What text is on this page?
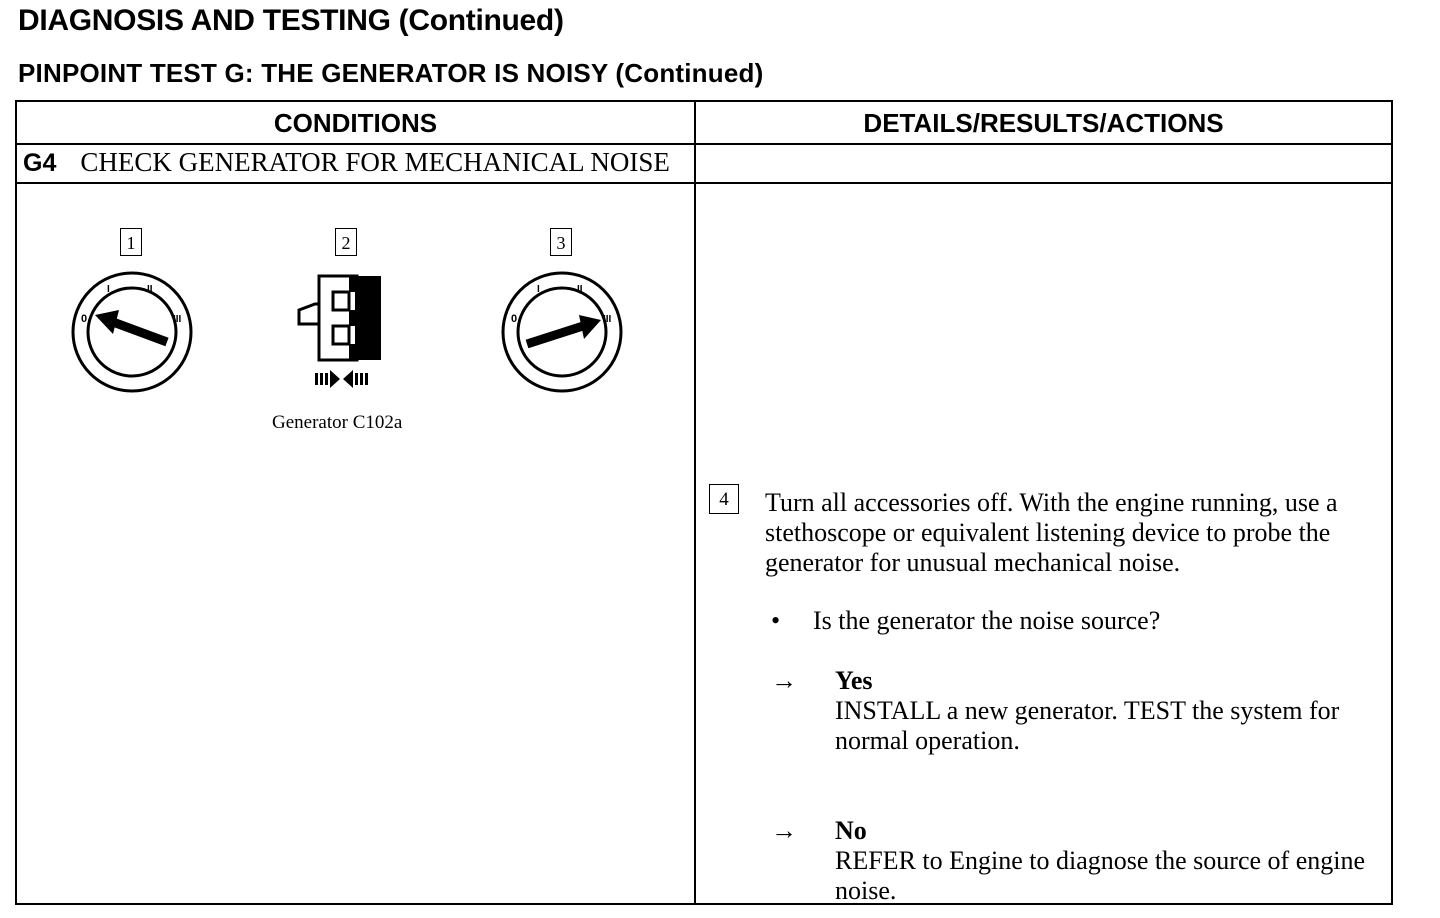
DIAGNOSIS AND TESTING (Continued)
PINPOINT TEST G: THE GENERATOR IS NOISY (Continued)
CONDITIONS	DETAILS/RESULTS/ACTIONS
G4 CHECK GENERATOR FOR MECHANICAL NOISE
1	2	3
0
I	II
III
Generator C102a
0
I	II
III
4	Turn all accessories off. With the engine running, use a stethoscope or equivalent listening device to probe the generator for unusual mechanical noise.
• Is the generator the noise source?
→ Yes
INSTALL a new generator. TEST the system for normal operation.
→ No
REFER to Engine to diagnose the source of engine noise.
